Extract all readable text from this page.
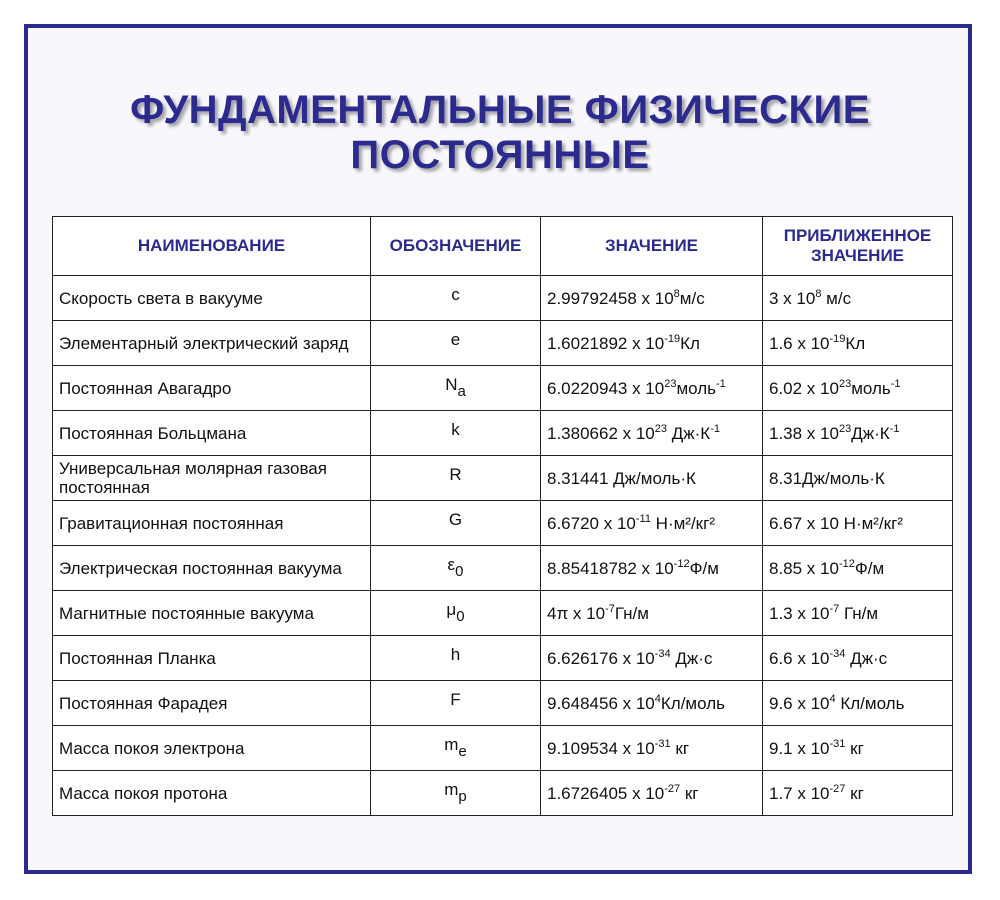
ФУНДАМЕНТАЛЬНЫЕ ФИЗИЧЕСКИЕ
ПОСТОЯННЫЕ
НАИМЕНОВАНИЕ	ОБОЗНАЧЕНИЕ	ЗНАЧЕНИЕ	ПРИБЛИЖЕННОЕ ЗНАЧЕНИЕ
Скорость света в вакууме	c	2.99792458 х $10^8м/с$	3 х $10^8$ м/с
Элементарный электрический заряд	e	1.6021892 х $10^{-19}Кл$	1.6 х $10^{-19}Кл$
Постоянная Авагадро	$N_a$	6.0220943 х $10^{23}моль^{-1}$	6.02 х $10^{23}моль^{-1}$
Постоянная Больцмана	k	1.380662 х $10^{23}$ $Дж\cdot К^{-1}$	1.38 х $10^{23}Дж\cdot К^{-1}$
Универсальная молярная газовая постоянная	R	8.31441 Дж/моль·К	8.31Дж/моль·К
Гравитационная постоянная	G	6.6720 х $10^{-11}$ Н·м²/кг²	6.67 х 10 Н·м²/кг²
Электрическая постоянная вакуума	$\varepsilon_0$	8.85418782 х $10^{-12}Ф/м$	8.85 х $10^{-12}Ф/м$
Магнитные постоянные вакуума	$\mu_0$	4π х $10^{-7}Гн/м$	1.3 х $10^{-7}$ Гн/м
Постоянная Планка	h	6.626176 х $10^{-34}$ Дж·с	6.6 х $10^{-34}$ Дж·с
Постоянная Фарадея	F	9.648456 х $10^4Кл$/моль	9.6 х $10^4$ Кл/моль
Масса покоя электрона	$m_e$	9.109534 х $10^{-31}$ кг	9.1 х $10^{-31}$ кг
Масса покоя протона	$m_p$	1.6726405 х $10^{-27}$ кг	1.7 х $10^{-27}$ кг
